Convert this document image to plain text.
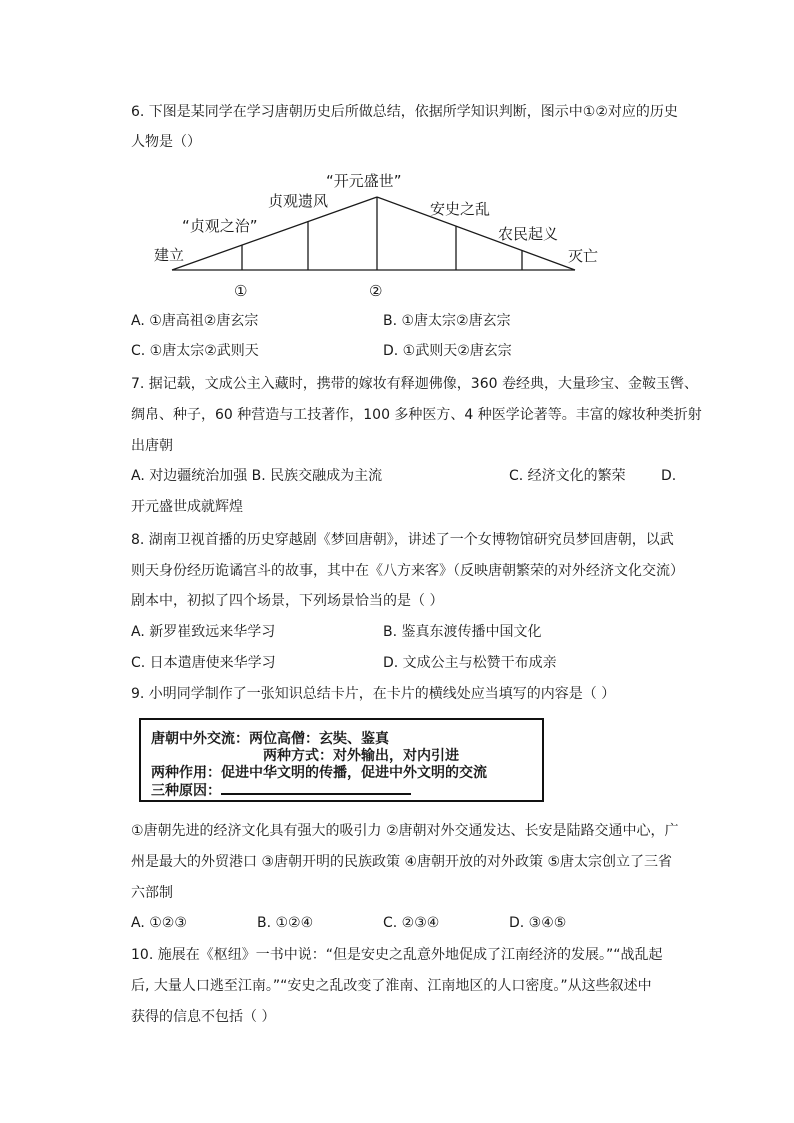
6. 下图是某同学在学习唐朝历史后所做总结，依据所学知识判断，图示中①②对应的历史
人物是（）
“开元盛世”
贞观遗风
“贞观之治”
建立
安史之乱
农民起义
灭亡
①	②
A. ①唐高祖②唐玄宗	B. ①唐太宗②唐玄宗
C. ①唐太宗②武则天	D. ①武则天②唐玄宗
7. 据记载，文成公主入藏时，携带的嫁妆有释迦佛像，360 卷经典，大量珍宝、金鞍玉辔、
绸帛、种子，60 种营造与工技著作，100 多种医方、4 种医学论著等。丰富的嫁妆种类折射
出唐朝
A. 对边疆统治加强 B. 民族交融成为主流	C. 经济文化的繁荣	D.
开元盛世成就辉煌
8. 湖南卫视首播的历史穿越剧《梦回唐朝》，讲述了一个女博物馆研究员梦回唐朝，以武
则天身份经历诡谲宫斗的故事，其中在《八方来客》（反映唐朝繁荣的对外经济文化交流）
剧本中，初拟了四个场景，下列场景恰当的是（ ）
A. 新罗崔致远来华学习	B. 鉴真东渡传播中国文化
C. 日本遣唐使来华学习	D. 文成公主与松赞干布成亲
9. 小明同学制作了一张知识总结卡片，在卡片的横线处应当填写的内容是（ ）
唐朝中外交流：两位高僧：玄奘、鉴真
两种方式：对外输出，对内引进
两种作用：促进中华文明的传播，促进中外文明的交流
三种原因：
①唐朝先进的经济文化具有强大的吸引力 ②唐朝对外交通发达、长安是陆路交通中心，广
州是最大的外贸港口 ③唐朝开明的民族政策 ④唐朝开放的对外政策 ⑤唐太宗创立了三省
六部制
A. ①②③	B. ①②④	C. ②③④	D. ③④⑤
10. 施展在《枢纽》一书中说：“但是安史之乱意外地促成了江南经济的发展。”“战乱起
后, 大量人口逃至江南。”“安史之乱改变了淮南、江南地区的人口密度。”从这些叙述中
获得的信息不包括（ ）
